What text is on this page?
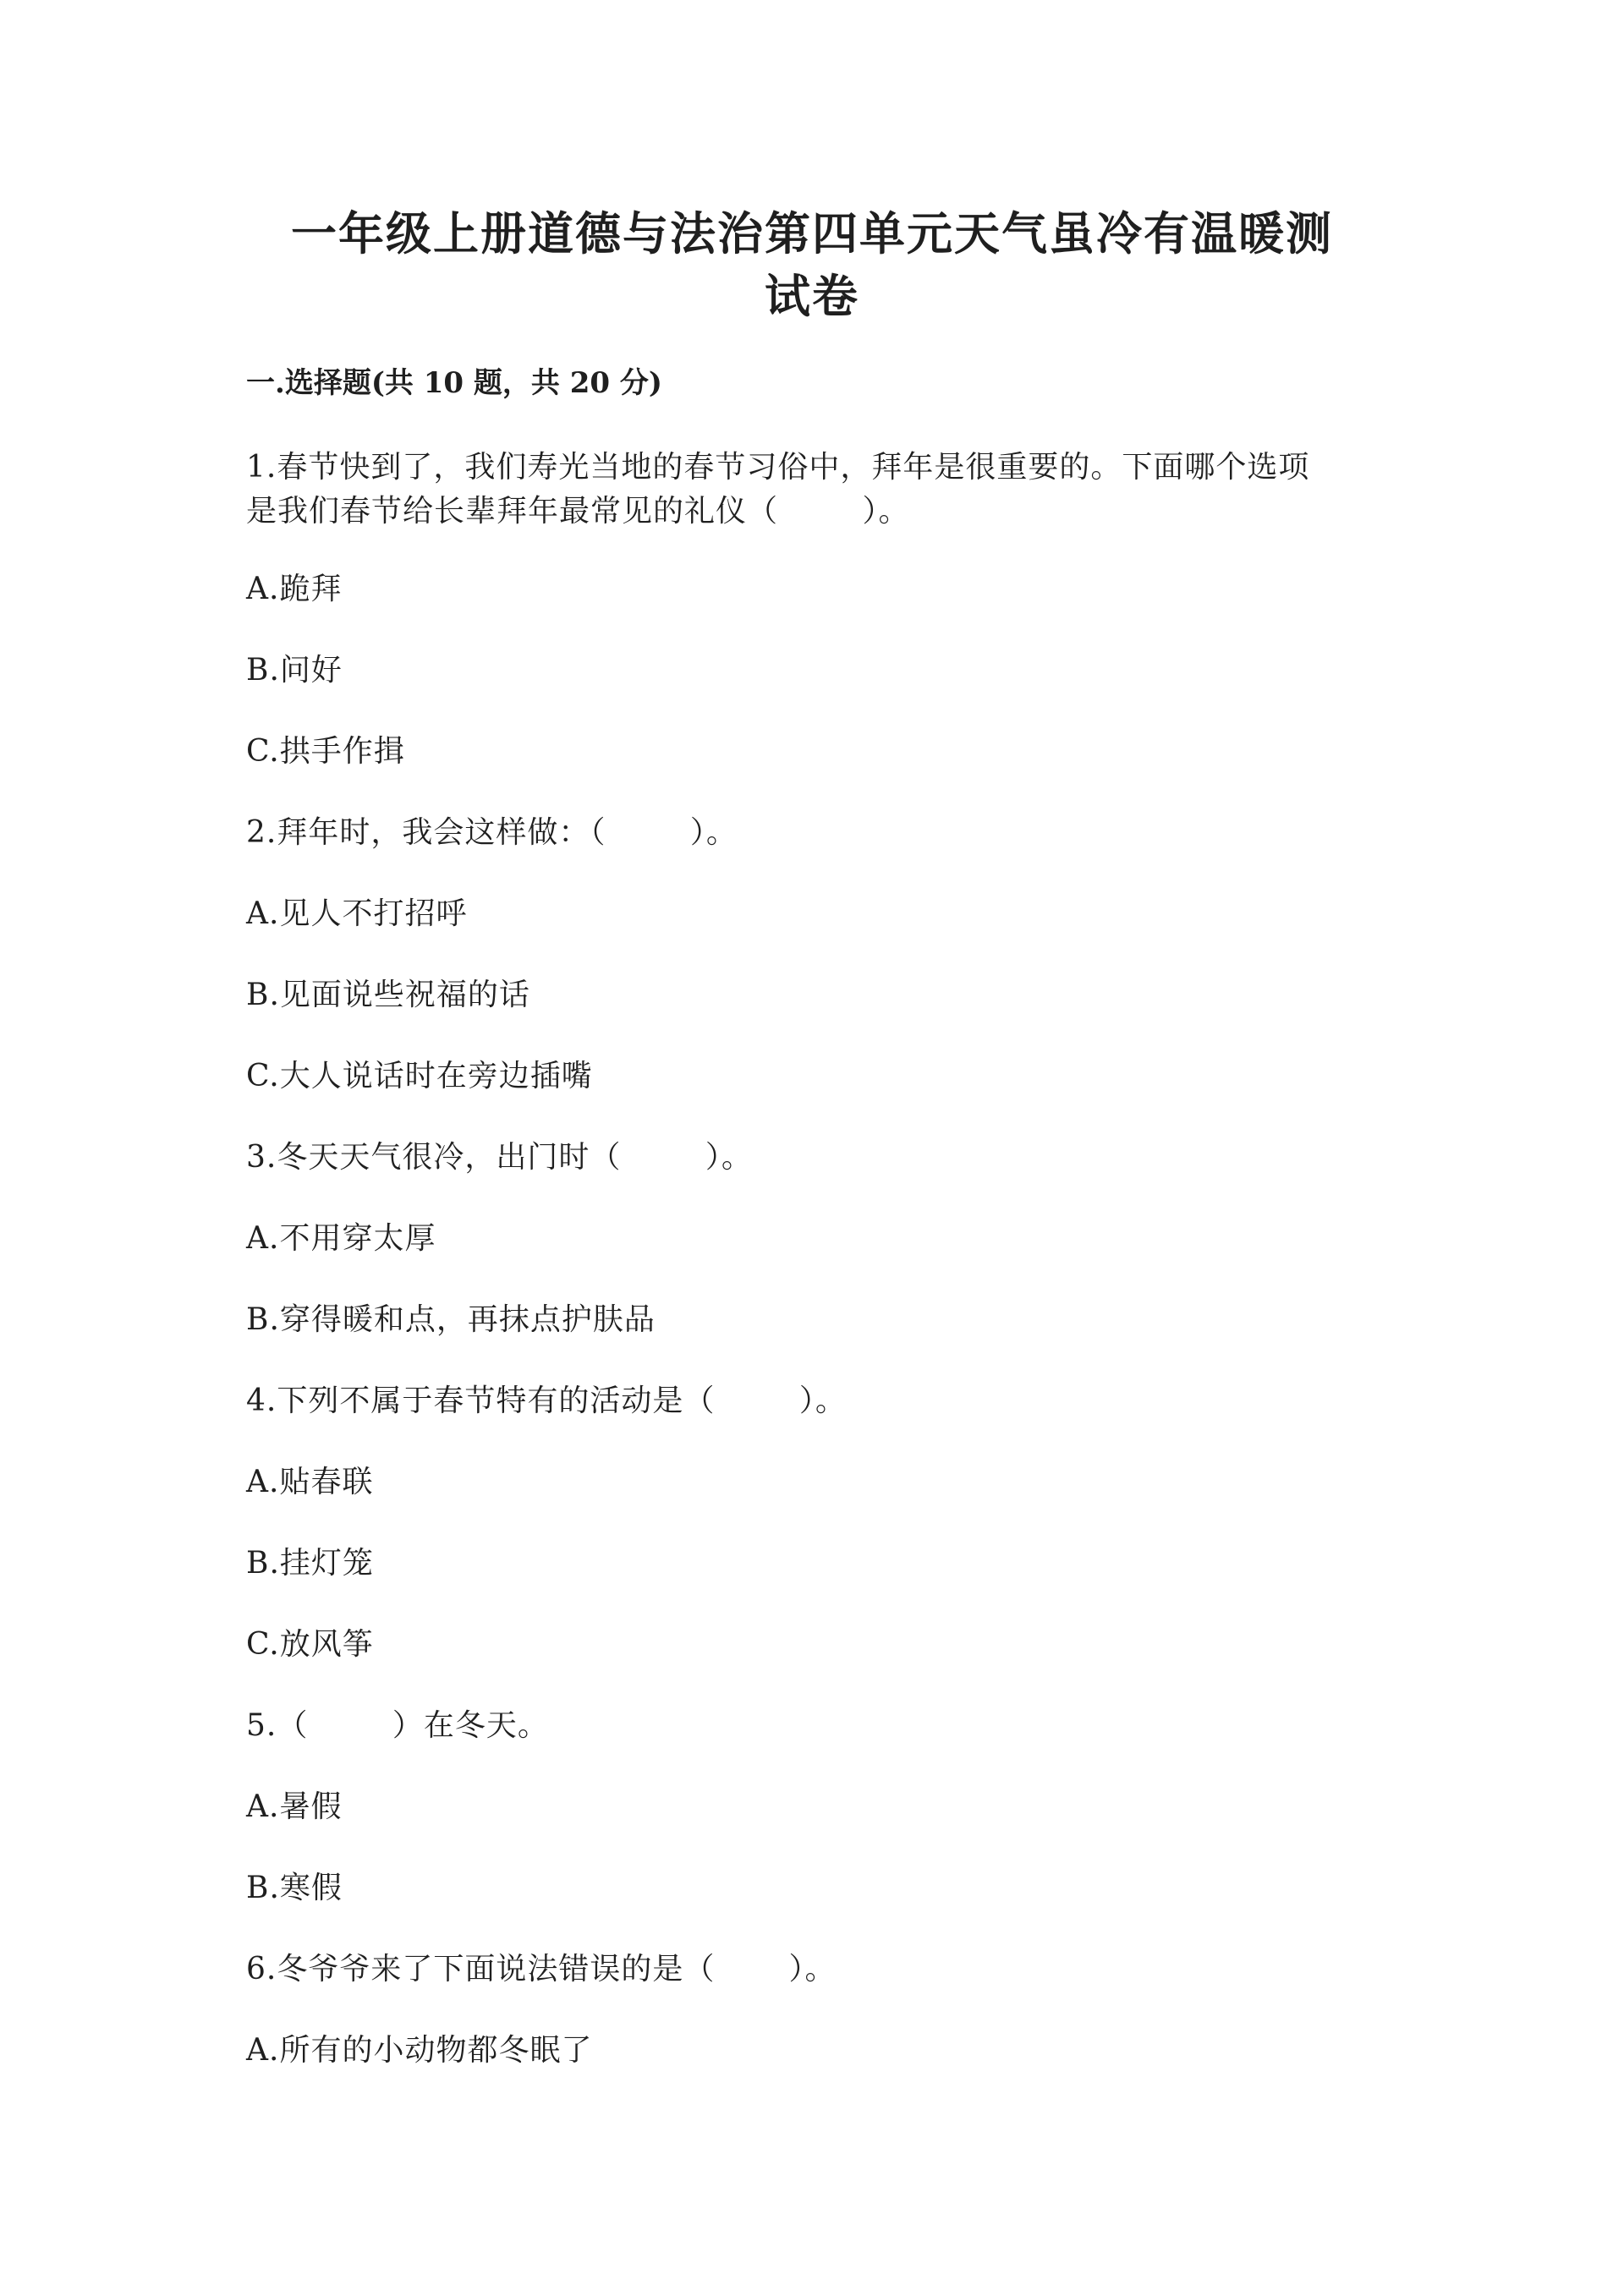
一年级上册道德与法治第四单元天气虽冷有温暖测
试卷
一.选择题(共 10 题，共 20 分)

1.春节快到了，我们寿光当地的春节习俗中，拜年是很重要的。下面哪个选项

是我们春节给长辈拜年最常见的礼仪（        ）。

A.跪拜

B.问好

C.拱手作揖

2.拜年时，我会这样做：（        ）。

A.见人不打招呼

B.见面说些祝福的话

C.大人说话时在旁边插嘴

3.冬天天气很冷，出门时（        ）。

A.不用穿太厚

B.穿得暖和点，再抹点护肤品

4.下列不属于春节特有的活动是（        ）。

A.贴春联

B.挂灯笼

C.放风筝

5.（        ）在冬天。

A.暑假

B.寒假

6.冬爷爷来了下面说法错误的是（       ）。

A.所有的小动物都冬眠了
